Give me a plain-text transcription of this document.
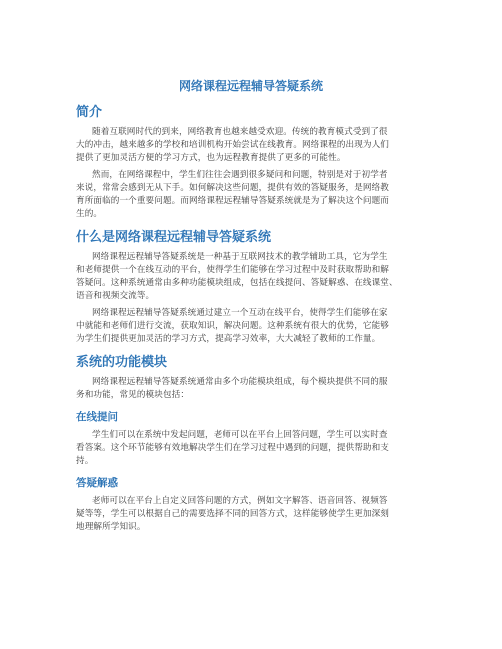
网络课程远程辅导答疑系统
简介

随着互联网时代的到来，网络教育也越来越受欢迎。传统的教育模式受到了很
大的冲击，越来越多的学校和培训机构开始尝试在线教育。网络课程的出现为人们
提供了更加灵活方便的学习方式，也为远程教育提供了更多的可能性。

然而，在网络课程中，学生们往往会遇到很多疑问和问题，特别是对于初学者
来说，常常会感到无从下手。如何解决这些问题，提供有效的答疑服务，是网络教
育所面临的一个重要问题。而网络课程远程辅导答疑系统就是为了解决这个问题而
生的。

什么是网络课程远程辅导答疑系统

网络课程远程辅导答疑系统是一种基于互联网技术的教学辅助工具，它为学生
和老师提供一个在线互动的平台，使得学生们能够在学习过程中及时获取帮助和解
答疑问。这种系统通常由多种功能模块组成，包括在线提问、答疑解惑、在线课堂、
语音和视频交流等。

网络课程远程辅导答疑系统通过建立一个互动在线平台，使得学生们能够在家
中就能和老师们进行交流，获取知识，解决问题。这种系统有很大的优势，它能够
为学生们提供更加灵活的学习方式，提高学习效率，大大减轻了教师的工作量。

系统的功能模块

网络课程远程辅导答疑系统通常由多个功能模块组成，每个模块提供不同的服
务和功能，常见的模块包括：

在线提问

学生们可以在系统中发起问题，老师可以在平台上回答问题，学生可以实时查
看答案。这个环节能够有效地解决学生们在学习过程中遇到的问题，提供帮助和支
持。

答疑解惑

老师可以在平台上自定义回答问题的方式，例如文字解答、语音回答、视频答
疑等等，学生可以根据自己的需要选择不同的回答方式，这样能够使学生更加深刻
地理解所学知识。
